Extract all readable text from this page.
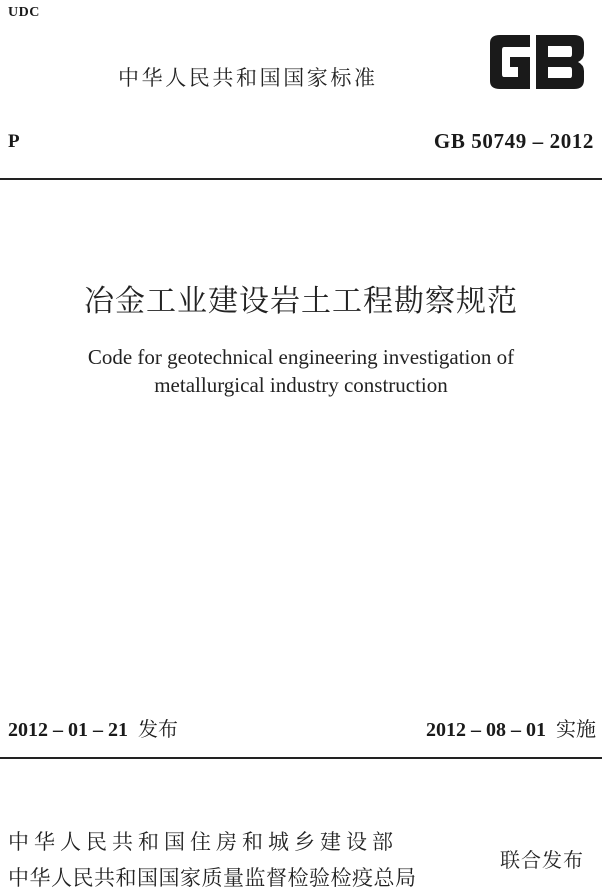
UDC
中华人民共和国国家标准
P	GB 50749 – 2012
冶金工业建设岩土工程勘察规范
Code for geotechnical engineering investigation of
metallurgical industry construction
2012 – 01 – 21 发布	2012 – 08 – 01 实施
中华人民共和国住房和城乡建设部
中华人民共和国国家质量监督检验检疫总局
联合发布
